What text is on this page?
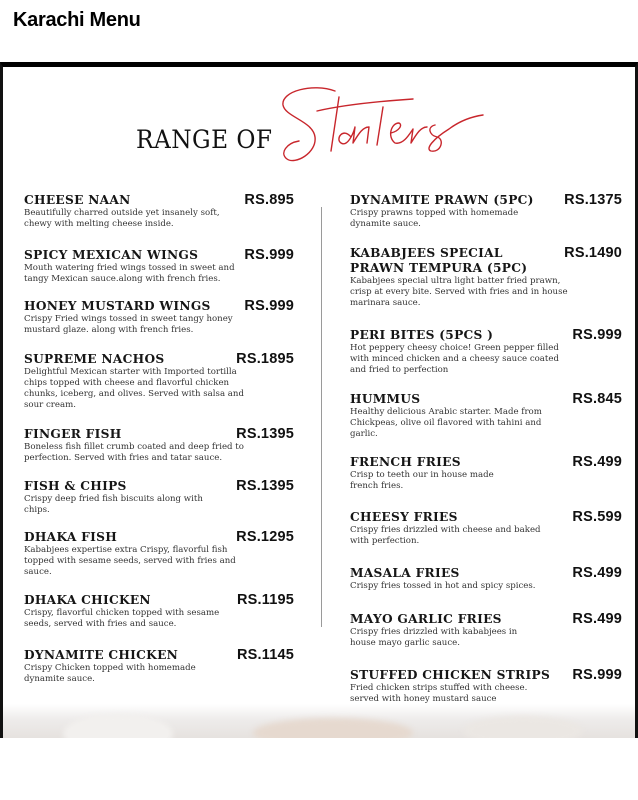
Karachi Menu
RANGE OF
CHEESE NAAN	RS.895
Beautifully charred outside yet insanely soft, chewy with melting cheese inside.
SPICY MEXICAN WINGS	RS.999
Mouth watering fried wings tossed in sweet and tangy Mexican sauce.along with french fries.
HONEY MUSTARD WINGS RS.999
Crispy Fried wings tossed in sweet tangy honey mustard glaze. along with french fries.
SUPREME NACHOS	RS.1895
Delightful Mexican starter with Imported tortilla chips topped with cheese and flavorful chicken chunks, iceberg, and olives. Served with salsa and sour cream.
FINGER FISH	RS.1395
Boneless fish fillet crumb coated and deep fried to perfection. Served with fries and tatar sauce.
FISH & CHIPS	RS.1395
Crispy deep fried fish biscuits along with chips.
DHAKA FISH	RS.1295
Kababjees expertise extra Crispy, flavorful fish topped with sesame seeds, served with fries and sauce.
DHAKA CHICKEN	RS.1195
Crispy, flavorful chicken topped with sesame seeds, served with fries and sauce.
DYNAMITE CHICKEN	RS.1145
Crispy Chicken topped with homemade dynamite sauce.
DYNAMITE PRAWN (5PC) RS.1375
Crispy prawns topped with homemade dynamite sauce.
KABABJEES SPECIAL PRAWN TEMPURA (5PC)
RS.1490
Kababjees special ultra light batter fried prawn, crisp at every bite. Served with fries and in house marinara sauce.
PERI BITES (5PCS )	RS.999
Hot peppery cheesy choice! Green pepper filled with minced chicken and a cheesy sauce coated and fried to perfection
HUMMUS	RS.845
Healthy delicious Arabic starter. Made from Chickpeas, olive oil flavored with tahini and garlic.
FRENCH FRIES	RS.499
Crisp to teeth our in house made french fries.
CHEESY FRIES	RS.599
Crispy fries drizzled with cheese and baked with perfection.
MASALA FRIES	RS.499
Crispy fries tossed in hot and spicy spices.
MAYO GARLIC FRIES	RS.499
Crispy fries drizzled with kababjees in house mayo garlic sauce.
STUFFED CHICKEN STRIPS RS.999
Fried chicken strips stuffed with cheese. served with honey mustard sauce
